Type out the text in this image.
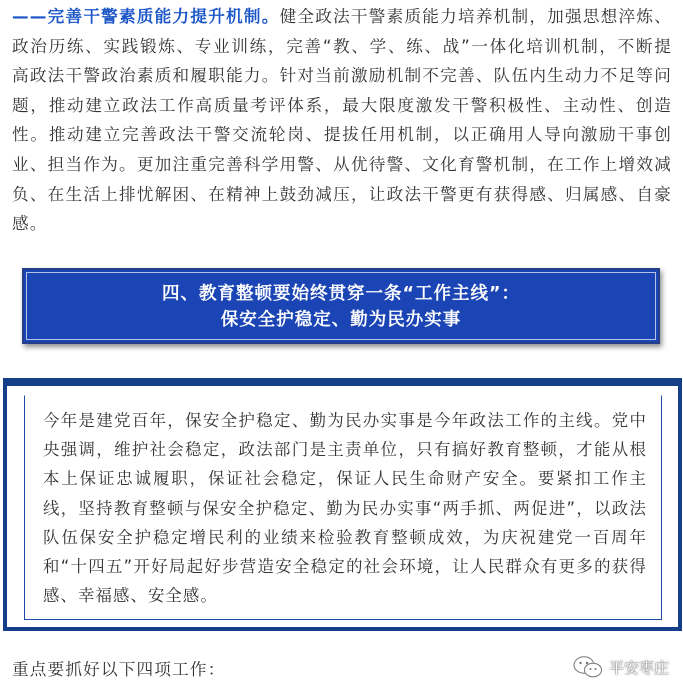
——完善干警素质能力提升机制。健全政法干警素质能力培养机制，加强思想淬炼、政治历练、实践锻炼、专业训练，完善“教、学、练、战”一体化培训机制，不断提高政法干警政治素质和履职能力。针对当前激励机制不完善、队伍内生动力不足等问题，推动建立政法工作高质量考评体系，最大限度激发干警积极性、主动性、创造性。推动建立完善政法干警交流轮岗、提拔任用机制，以正确用人导向激励干事创业、担当作为。更加注重完善科学用警、从优待警、文化育警机制，在工作上增效减负、在生活上排忧解困、在精神上鼓劲减压，让政法干警更有获得感、归属感、自豪感。

四、教育整顿要始终贯穿一条“工作主线”：
保安全护稳定、勤为民办实事

今年是建党百年，保安全护稳定、勤为民办实事是今年政法工作的主线。党中央强调，维护社会稳定，政法部门是主责单位，只有搞好教育整顿，才能从根本上保证忠诚履职，保证社会稳定，保证人民生命财产安全。要紧扣工作主线，坚持教育整顿与保安全护稳定、勤为民办实事“两手抓、两促进”，以政法队伍保安全护稳定增民利的业绩来检验教育整顿成效，为庆祝建党一百周年和“十四五”开好局起好步营造安全稳定的社会环境，让人民群众有更多的获得感、幸福感、安全感。

重点要抓好以下四项工作：	平安枣庄
